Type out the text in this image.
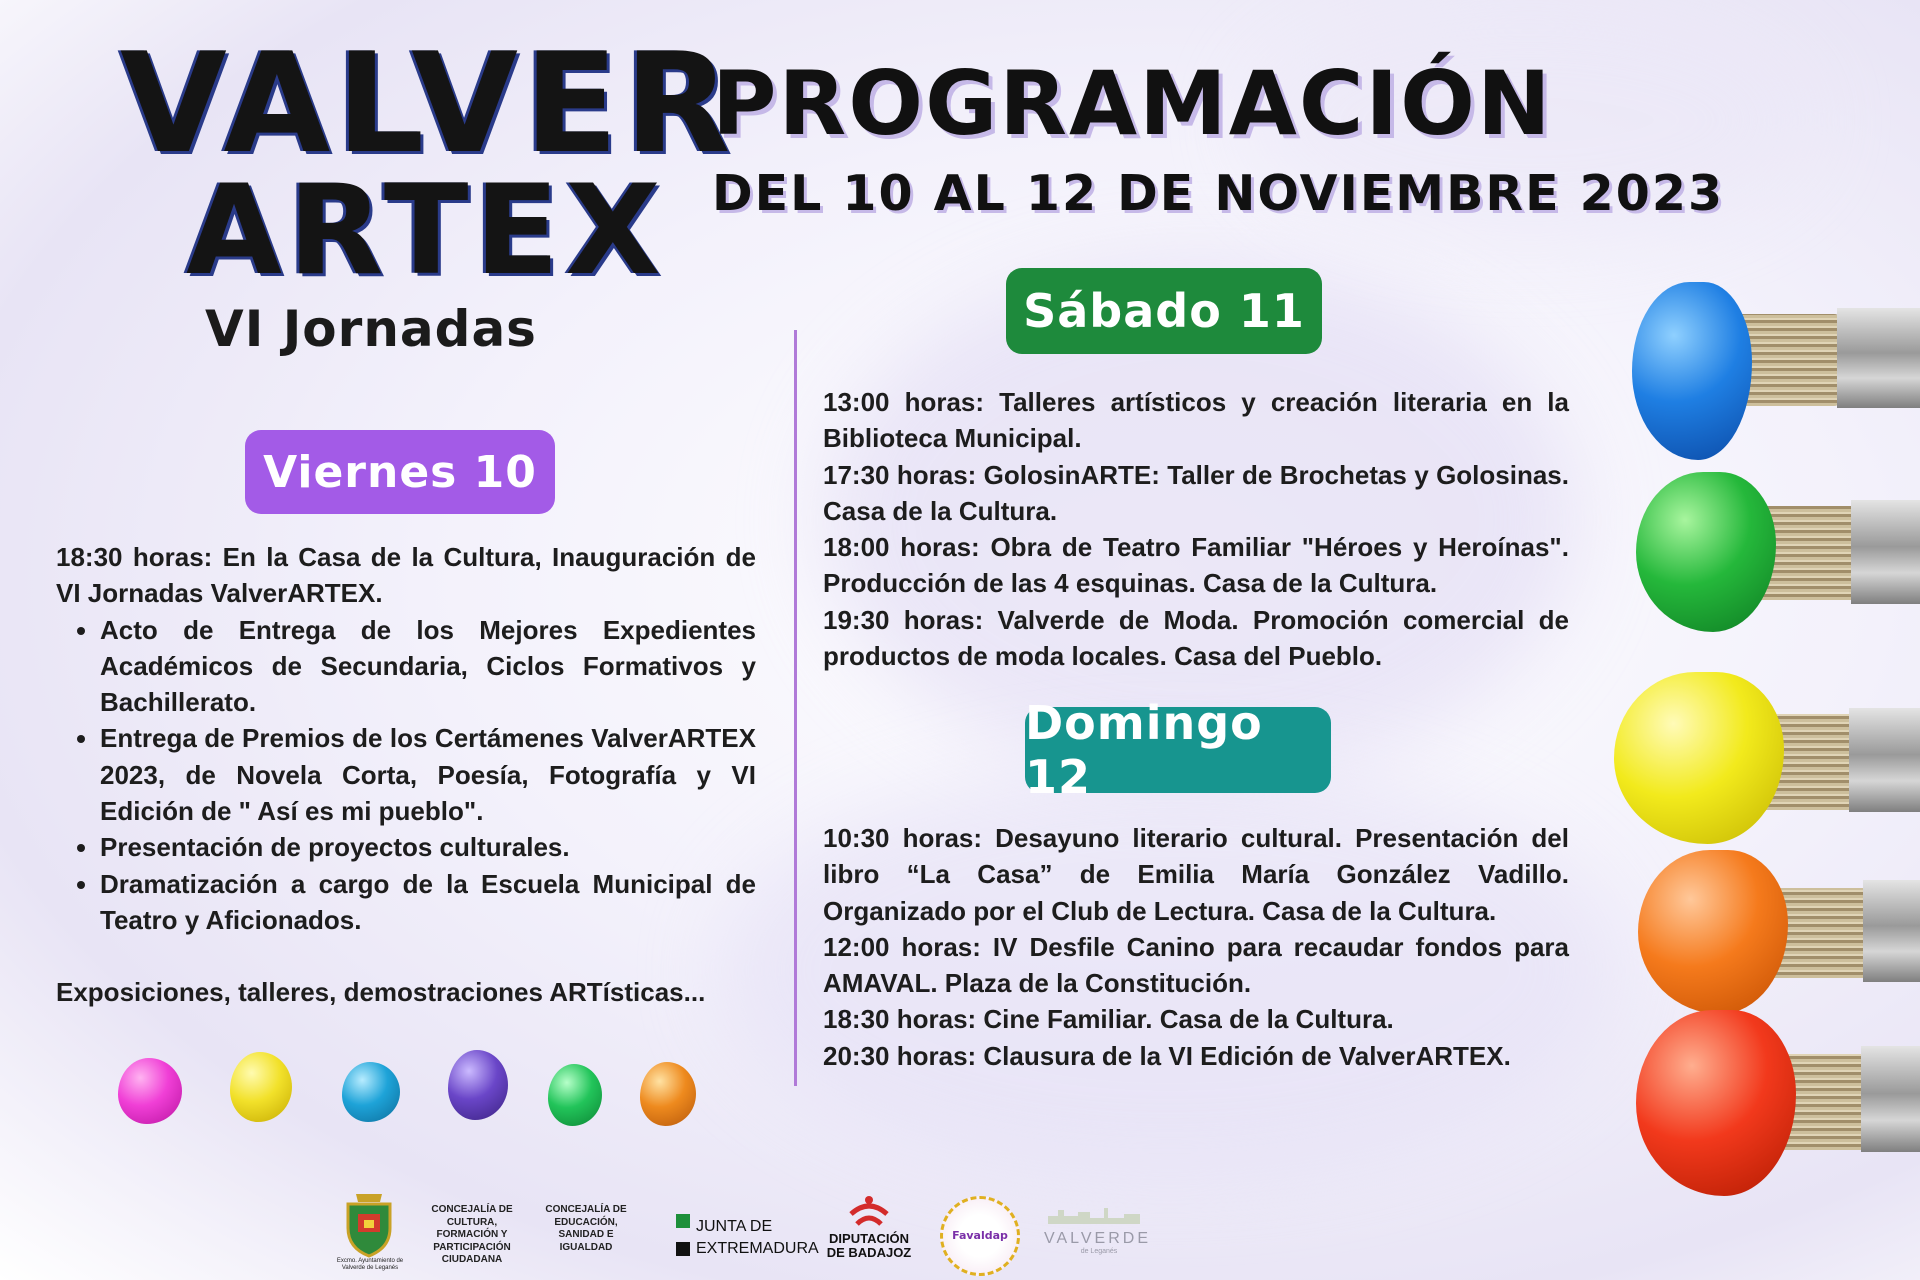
VALVER
ARTEX
VI Jornadas
PROGRAMACIÓN
DEL 10 AL 12 DE NOVIEMBRE 2023
Viernes 10

18:30 horas: En la Casa de la Cultura, Inauguración de VI Jornadas ValverARTEX.

• Acto de Entrega de los Mejores Expedientes Académicos de Secundaria, Ciclos Formativos y Bachillerato.
• Entrega de Premios de los Certámenes ValverARTEX 2023, de Novela Corta, Poesía, Fotografía y VI Edición de " Así es mi pueblo".
• Presentación de proyectos culturales.
• Dramatización a cargo de la Escuela Municipal de Teatro y Aficionados.

Exposiciones, talleres, demostraciones ARTísticas...

Sábado 11

13:00 horas: Talleres artísticos y creación literaria en la Biblioteca Municipal.

17:30 horas: GolosinARTE: Taller de Brochetas y Golosinas. Casa de la Cultura.

18:00 horas: Obra de Teatro Familiar "Héroes y Heroínas". Producción de las 4 esquinas. Casa de la Cultura.

19:30 horas: Valverde de Moda. Promoción comercial de productos de moda locales. Casa del Pueblo.

Domingo 12

10:30 horas: Desayuno literario cultural. Presentación del libro “La Casa” de Emilia María González Vadillo. Organizado por el Club de Lectura. Casa de la Cultura.

12:00 horas: IV Desfile Canino para recaudar fondos para AMAVAL. Plaza de la Constitución.

18:30 horas: Cine Familiar. Casa de la Cultura.

20:30 horas: Clausura de la VI Edición de ValverARTEX.

Excmo. Ayuntamiento de Valverde de Leganés
CONCEJALÍA DE CULTURA, FORMACIÓN Y PARTICIPACIÓN CIUDADANA
CONCEJALÍA DE EDUCACIÓN, SANIDAD E IGUALDAD
JUNTA DE
EXTREMADURA
DIPUTACIÓN
DE BADAJOZ
Favaldap	VALVERDE
de Leganés
